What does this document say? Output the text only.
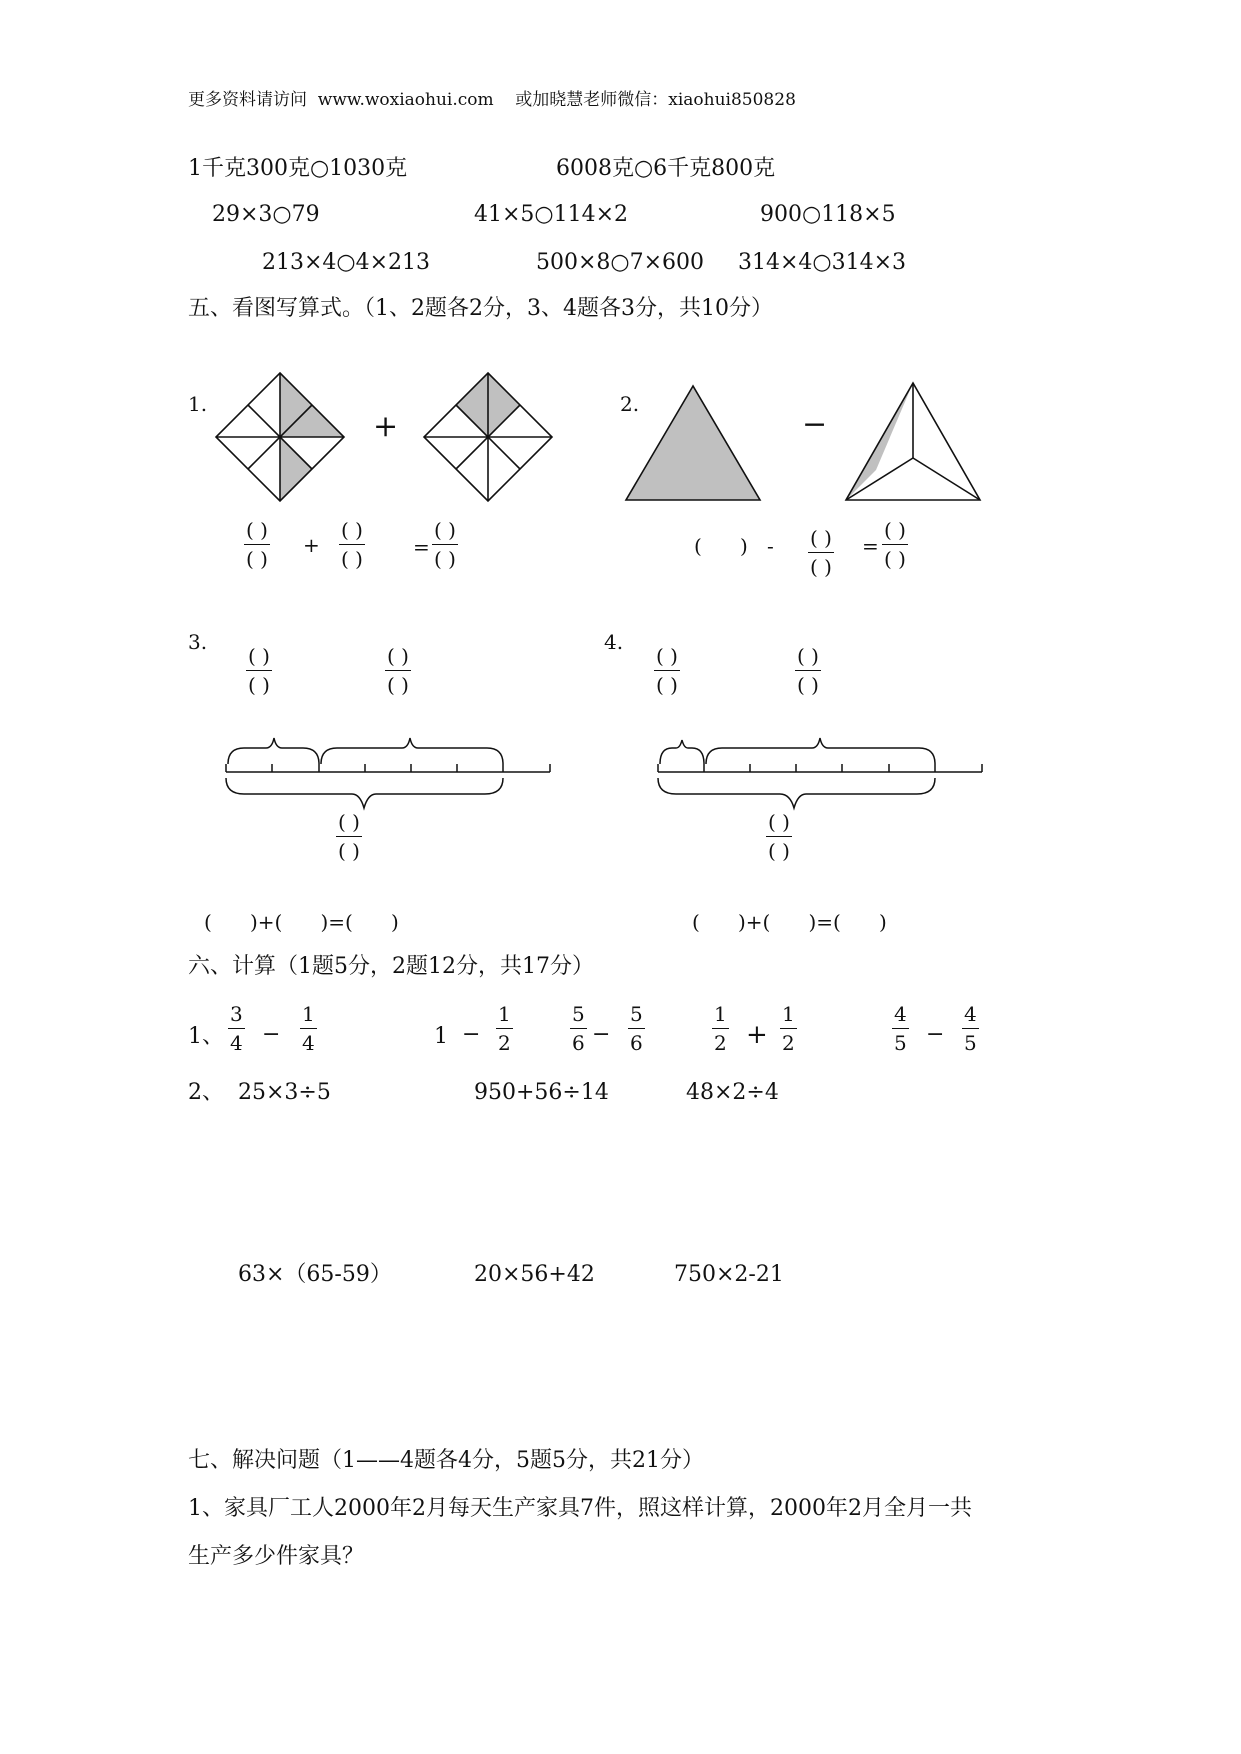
更多资料请访问  www.woxiaohui.com    或加晓慧老师微信：xiaohui850828
1千克300克○1030克	6008克○6千克800克
29×3○79	41×5○114×2	900○118×5
213×4○4×213	500×8○7×600 314×4○314×3
五、看图写算式。（1、2题各2分，3、4题各3分，共10分）
1.	2.
+	−
( )
( )
+
( )
( )	=
( )
( )
(      ) - ( )
( )
=
( )
( )
3.
( )
( )
( )
( )
( )
( )
(      )+(      )=(      )
4.
( )
( )
( )
( )
( )
( )
(      )+(      )=(      )
六、计算（1题5分，2题12分，共17分）
1、
3
4 −
1
4	1 −
1
2
5
6 −
5
6
1
2 +
1
2
4
5 −
4
5
2、 25×3÷5	950+56÷14	48×2÷4
63×（65-59）	20×56+42	750×2-21
七、解决问题（1——4题各4分，5题5分，共21分）
1、家具厂工人2000年2月每天生产家具7件，照这样计算，2000年2月全月一共
生产多少件家具？
